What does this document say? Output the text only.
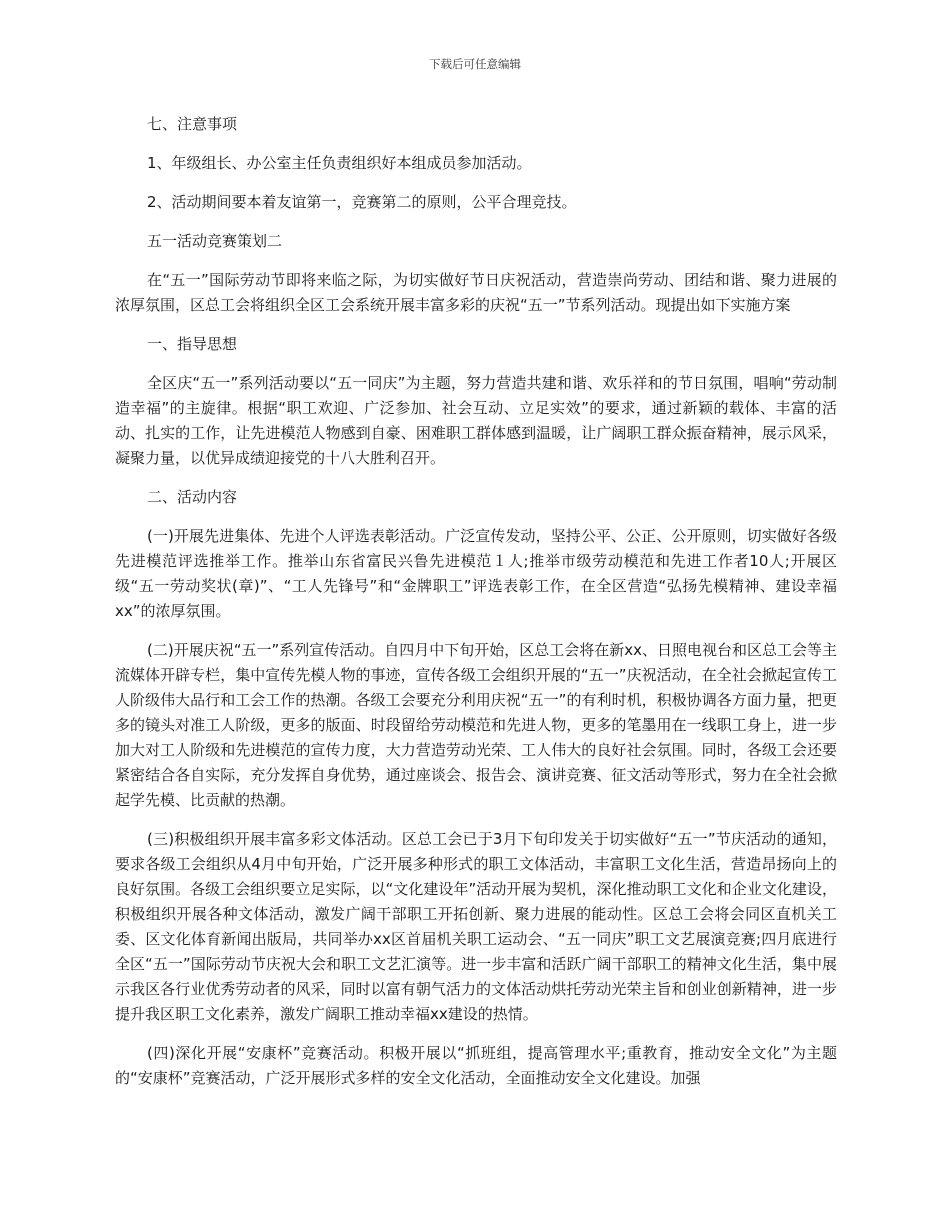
下载后可任意编辑
七、注意事项
1、年级组长、办公室主任负责组织好本组成员参加活动。
2、活动期间要本着友谊第一，竞赛第二的原则，公平合理竞技。
五一活动竞赛策划二

在“五一”国际劳动节即将来临之际，为切实做好节日庆祝活动，营造崇尚劳动、团结和谐、聚力进展的浓厚氛围，区总工会将组织全区工会系统开展丰富多彩的庆祝“五一”节系列活动。现提出如下实施方案

一、指导思想

全区庆“五一”系列活动要以“五一同庆”为主题，努力营造共建和谐、欢乐祥和的节日氛围，唱响“劳动制造幸福”的主旋律。根据“职工欢迎、广泛参加、社会互动、立足实效”的要求，通过新颖的载体、丰富的活动、扎实的工作，让先进模范人物感到自豪、困难职工群体感到温暖，让广阔职工群众振奋精神，展示风采，凝聚力量，以优异成绩迎接党的十八大胜利召开。

二、活动内容

(一)开展先进集体、先进个人评选表彰活动。广泛宣传发动，坚持公平、公正、公开原则，切实做好各级先进模范评选推举工作。推举山东省富民兴鲁先进模范１人;推举市级劳动模范和先进工作者10人;开展区级“五一劳动奖状(章)”、“工人先锋号”和“金牌职工”评选表彰工作，在全区营造“弘扬先模精神、建设幸福xx”的浓厚氛围。

(二)开展庆祝“五一”系列宣传活动。自四月中下旬开始，区总工会将在新xx、日照电视台和区总工会等主流媒体开辟专栏，集中宣传先模人物的事迹，宣传各级工会组织开展的“五一”庆祝活动，在全社会掀起宣传工人阶级伟大品行和工会工作的热潮。各级工会要充分利用庆祝“五一”的有利时机，积极协调各方面力量，把更多的镜头对准工人阶级，更多的版面、时段留给劳动模范和先进人物，更多的笔墨用在一线职工身上，进一步加大对工人阶级和先进模范的宣传力度，大力营造劳动光荣、工人伟大的良好社会氛围。同时，各级工会还要紧密结合各自实际，充分发挥自身优势，通过座谈会、报告会、演讲竞赛、征文活动等形式，努力在全社会掀起学先模、比贡献的热潮。

(三)积极组织开展丰富多彩文体活动。区总工会已于3月下旬印发关于切实做好“五一”节庆活动的通知，要求各级工会组织从4月中旬开始，广泛开展多种形式的职工文体活动，丰富职工文化生活，营造昂扬向上的良好氛围。各级工会组织要立足实际，以“文化建设年”活动开展为契机，深化推动职工文化和企业文化建设，积极组织开展各种文体活动，激发广阔干部职工开拓创新、聚力进展的能动性。区总工会将会同区直机关工委、区文化体育新闻出版局，共同举办xx区首届机关职工运动会、“五一同庆”职工文艺展演竞赛;四月底进行全区“五一”国际劳动节庆祝大会和职工文艺汇演等。进一步丰富和活跃广阔干部职工的精神文化生活，集中展示我区各行业优秀劳动者的风采，同时以富有朝气活力的文体活动烘托劳动光荣主旨和创业创新精神，进一步提升我区职工文化素养，激发广阔职工推动幸福xx建设的热情。

(四)深化开展“安康杯”竞赛活动。积极开展以“抓班组，提高管理水平;重教育，推动安全文化”为主题的“安康杯”竞赛活动，广泛开展形式多样的安全文化活动，全面推动安全文化建设。加强
